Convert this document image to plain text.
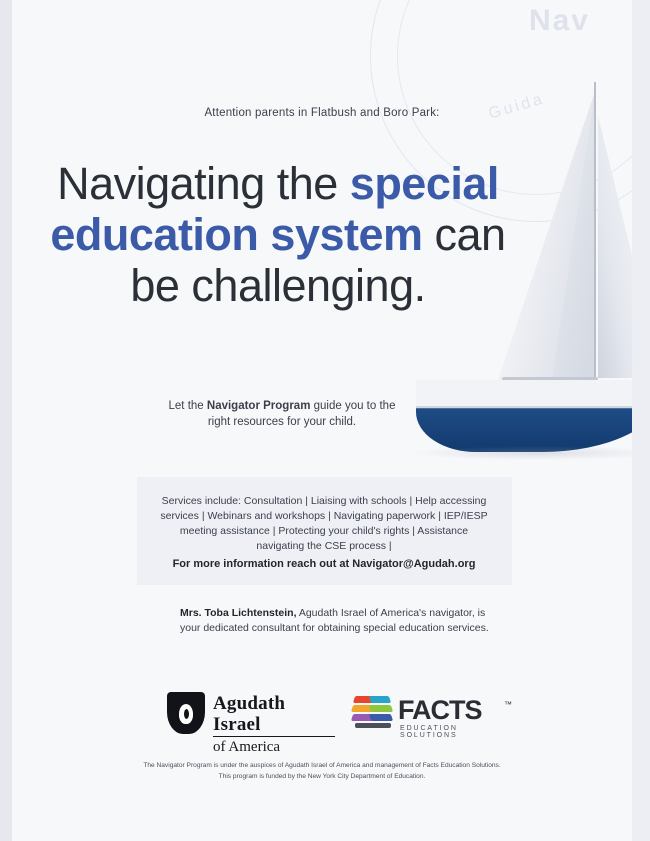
Nav
Guida
Attention parents in Flatbush and Boro Park:
Navigating the special education system can be challenging.
Let the Navigator Program guide you to the right resources for your child.
Services include: Consultation | Liaising with schools | Help accessing services | Webinars and workshops | Navigating paperwork | IEP/IESP meeting assistance | Protecting your child's rights | Assistance navigating the CSE process |
For more information reach out at Navigator@Agudah.org
Mrs. Toba Lichtenstein, Agudath Israel of America's navigator, is your dedicated consultant for obtaining special education services.
Agudath Israel
of America
FACTS	™
EDUCATION SOLUTIONS
The Navigator Program is under the auspices of Agudath Israel of America and management of Facts Education Solutions.
This program is funded by the New York City Department of Education.
